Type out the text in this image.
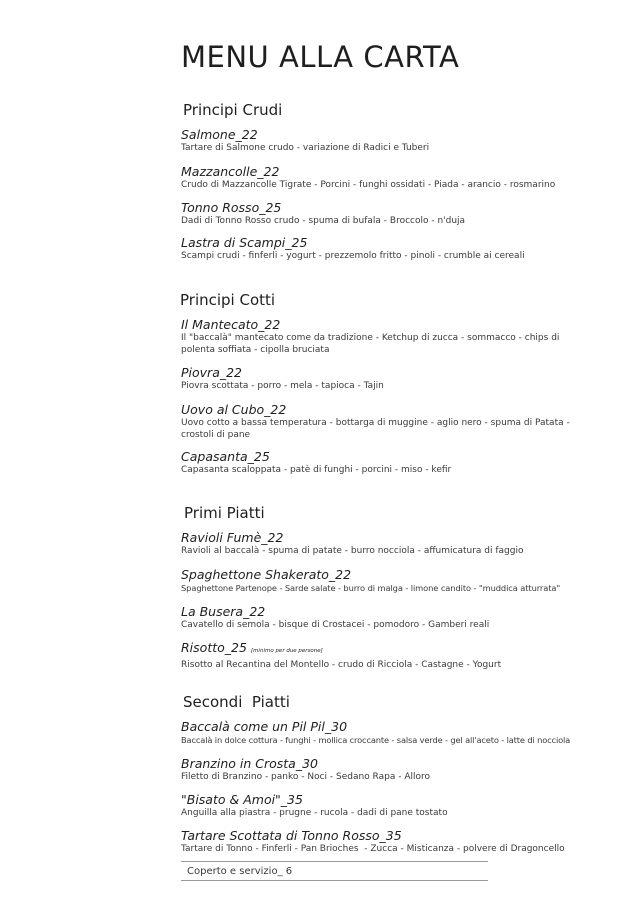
MENU ALLA CARTA
Principi Crudi
Salmone_22
Tartare di Salmone crudo - variazione di Radici e Tuberi
Mazzancolle_22
Crudo di Mazzancolle Tigrate - Porcini - funghi ossidati - Piada - arancio - rosmarino
Tonno Rosso_25
Dadi di Tonno Rosso crudo - spuma di bufala - Broccolo - n'duja
Lastra di Scampi_25
Scampi crudi - finferli - yogurt - prezzemolo fritto - pinoli - crumble ai cereali
Principi Cotti
Il Mantecato_22
Il "baccalà" mantecato come da tradizione - Ketchup di zucca - sommacco - chips di polenta soffiata - cipolla bruciata
Piovra_22
Piovra scottata - porro - mela - tapioca - Tajin
Uovo al Cubo_22
Uovo cotto a bassa temperatura - bottarga di muggine - aglio nero - spuma di Patata - crostoli di pane
Capasanta_25
Capasanta scaloppata - patè di funghi - porcini - miso - kefir
Primi Piatti
Ravioli Fumè_22
Ravioli al baccalà - spuma di patate - burro nocciola - affumicatura di faggio
Spaghettone Shakerato_22
Spaghettone Partenope - Sarde salate - burro di malga - limone candito - "muddica atturrata"
La Busera_22
Cavatello di semola - bisque di Crostacei - pomodoro - Gamberi reali
Risotto_25 [minimo per due persone]
Risotto al Recantina del Montello - crudo di Ricciola - Castagne - Yogurt
Secondi  Piatti
Baccalà come un Pil Pil_30
Baccalà in dolce cottura - funghi - mollica croccante - salsa verde - gel all'aceto - latte di nocciola
Branzino in Crosta_30
Filetto di Branzino - panko - Noci - Sedano Rapa - Alloro
"Bisato & Amoi"_35
Anguilla alla piastra - prugne - rucola - dadi di pane tostato
Tartare Scottata di Tonno Rosso_35
Tartare di Tonno - Finferli - Pan Brioches  - Zucca - Misticanza - polvere di Dragoncello
Coperto e servizio_ 6
